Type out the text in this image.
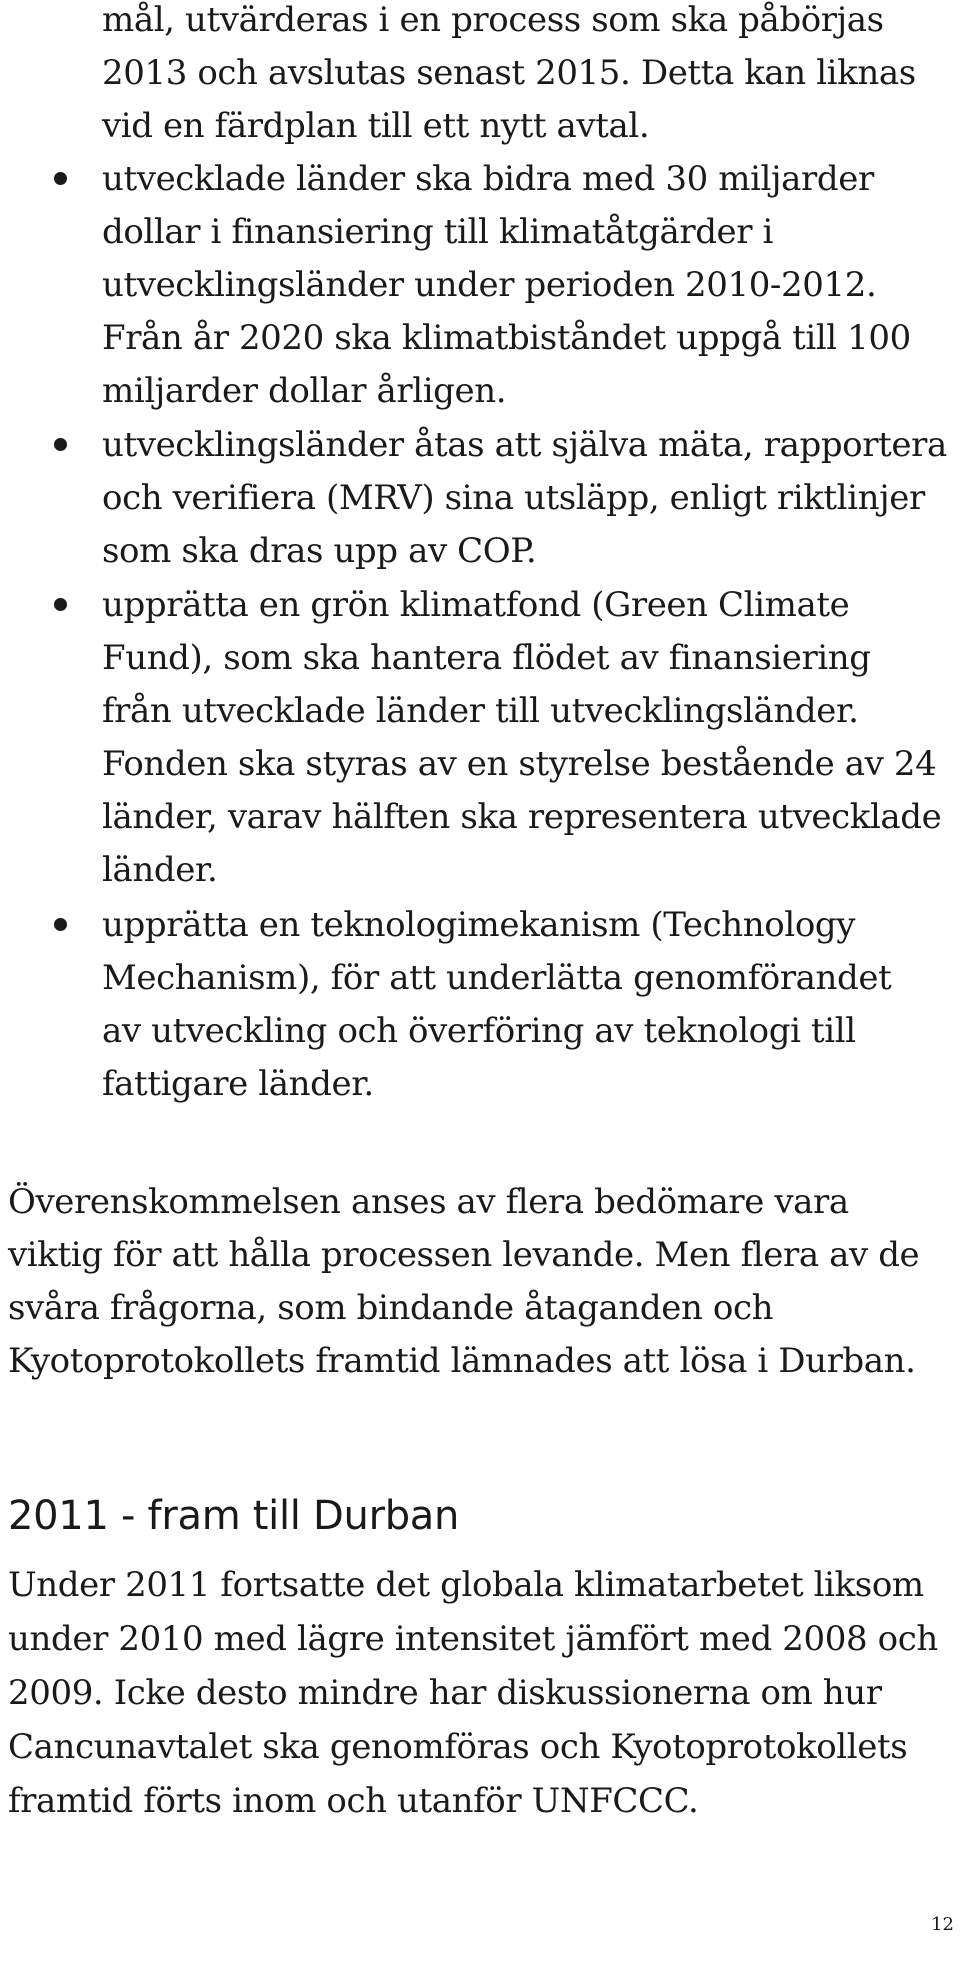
mål, utvärderas i en process som ska påbörjas
2013 och avslutas senast 2015. Detta kan liknas
vid en färdplan till ett nytt avtal.
utvecklade länder ska bidra med 30 miljarder
dollar i finansiering till klimatåtgärder i
utvecklingsländer under perioden 2010-2012.
Från år 2020 ska klimatbiståndet uppgå till 100
miljarder dollar årligen.
utvecklingsländer åtas att själva mäta, rapportera
och verifiera (MRV) sina utsläpp, enligt riktlinjer
som ska dras upp av COP.
upprätta en grön klimatfond (Green Climate
Fund), som ska hantera flödet av finansiering
från utvecklade länder till utvecklingsländer.
Fonden ska styras av en styrelse bestående av 24
länder, varav hälften ska representera utvecklade
länder.
upprätta en teknologimekanism (Technology
Mechanism), för att underlätta genomförandet
av utveckling och överföring av teknologi till
fattigare länder.
Överenskommelsen anses av flera bedömare vara
viktig för att hålla processen levande. Men flera av de
svåra frågorna, som bindande åtaganden och
Kyotoprotokollets framtid lämnades att lösa i Durban.
2011 - fram till Durban
Under 2011 fortsatte det globala klimatarbetet liksom
under 2010 med lägre intensitet jämfört med 2008 och
2009. Icke desto mindre har diskussionerna om hur
Cancunavtalet ska genomföras och Kyotoprotokollets
framtid förts inom och utanför UNFCCC.
12
